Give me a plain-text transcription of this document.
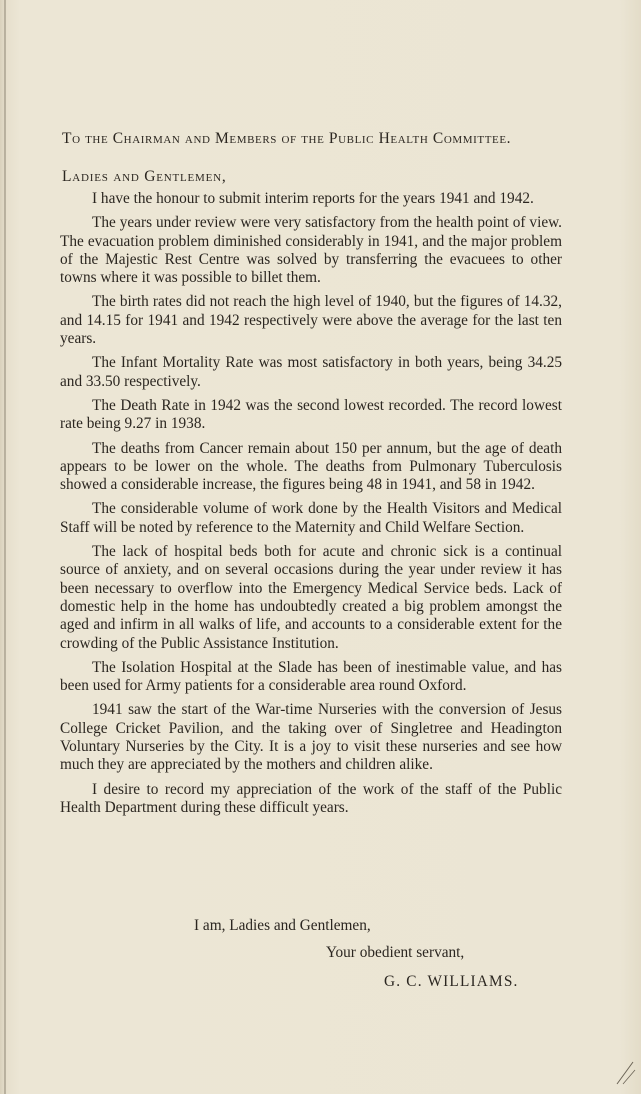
To the Chairman and Members of the Public Health Committee.
Ladies and Gentlemen,

I have the honour to submit interim reports for the years 1941 and 1942.

The years under review were very satisfactory from the health point of view. The evacuation problem diminished considerably in 1941, and the major problem of the Majestic Rest Centre was solved by transferring the evacuees to other towns where it was possible to billet them.

The birth rates did not reach the high level of 1940, but the figures of 14.32, and 14.15 for 1941 and 1942 respectively were above the average for the last ten years.

The Infant Mortality Rate was most satisfactory in both years, being 34.25 and 33.50 respectively.

The Death Rate in 1942 was the second lowest recorded. The record lowest rate being 9.27 in 1938.

The deaths from Cancer remain about 150 per annum, but the age of death appears to be lower on the whole. The deaths from Pulmonary Tuberculosis showed a considerable increase, the figures being 48 in 1941, and 58 in 1942.

The considerable volume of work done by the Health Visitors and Medical Staff will be noted by reference to the Maternity and Child Welfare Section.

The lack of hospital beds both for acute and chronic sick is a continual source of anxiety, and on several occasions during the year under review it has been necessary to overflow into the Emergency Medical Service beds. Lack of domestic help in the home has undoubtedly created a big problem amongst the aged and infirm in all walks of life, and accounts to a considerable extent for the crowding of the Public Assistance Institution.

The Isolation Hospital at the Slade has been of inestimable value, and has been used for Army patients for a considerable area round Oxford.

1941 saw the start of the War-time Nurseries with the conversion of Jesus College Cricket Pavilion, and the taking over of Singletree and Headington Voluntary Nurseries by the City. It is a joy to visit these nurseries and see how much they are appreciated by the mothers and children alike.

I desire to record my appreciation of the work of the staff of the Public Health Department during these difficult years.

I am, Ladies and Gentlemen,
Your obedient servant,
G. C. WILLIAMS.
